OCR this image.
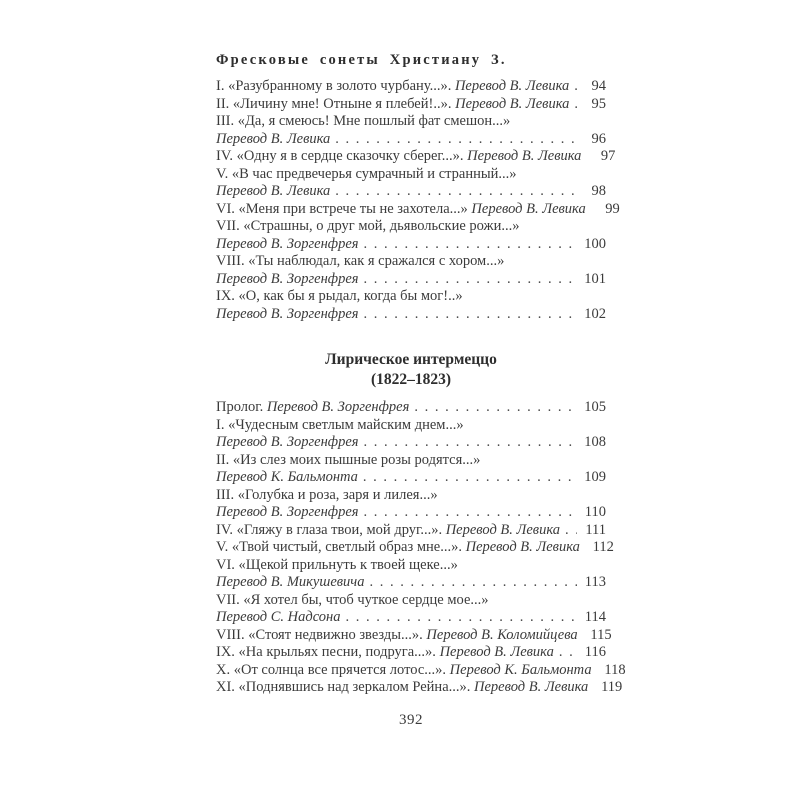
Фресковые сонеты Христиану З.
I. «Разубранному в золото чурбану...». Перевод В. Левика . . .	94
II. «Личину мне! Отныне я плебей!..». Перевод В. Левика . . .	95
III. «Да, я смеюсь! Мне пошлый фат смешон...»
Перевод В. Левика . . .	96
IV. «Одну я в сердце сказочку сберег...». Перевод В. Левика	97
V. «В час предвечерья сумрачный и странный...»
Перевод В. Левика . . .	98
VI. «Меня при встрече ты не захотела...» Перевод В. Левика	99
VII. «Страшны, о друг мой, дьявольские рожи...»
Перевод В. Зоргенфрея . . .	100
VIII. «Ты наблюдал, как я сражался с хором...»
Перевод В. Зоргенфрея . . .	101
IX. «О, как бы я рыдал, когда бы мог!..»
Перевод В. Зоргенфрея . . .	102
Лирическое интермеццо
(1822–1823)
Пролог. Перевод В. Зоргенфрея . . .	105
I. «Чудесным светлым майским днем...»
Перевод В. Зоргенфрея . . .	108
II. «Из слез моих пышные розы родятся...»
Перевод К. Бальмонта . . .	109
III. «Голубка и роза, заря и лилея...»
Перевод В. Зоргенфрея . . .	110
IV. «Гляжу в глаза твои, мой друг...». Перевод В. Левика . . .	111
V. «Твой чистый, светлый образ мне...». Перевод В. Левика 112
VI. «Щекой прильнуть к твоей щеке...»
Перевод В. Микушевича . . .	113
VII. «Я хотел бы, чтоб чуткое сердце мое...»
Перевод С. Надсона . . .	114
VIII. «Стоят недвижно звезды...». Перевод В. Коломийцева 115
IX. «На крыльях песни, подруга...». Перевод В. Левика . . .	116
X. «От солнца все прячется лотос...». Перевод К. Бальмонта 118
XI. «Поднявшись над зеркалом Рейна...». Перевод В. Левика 119
392
